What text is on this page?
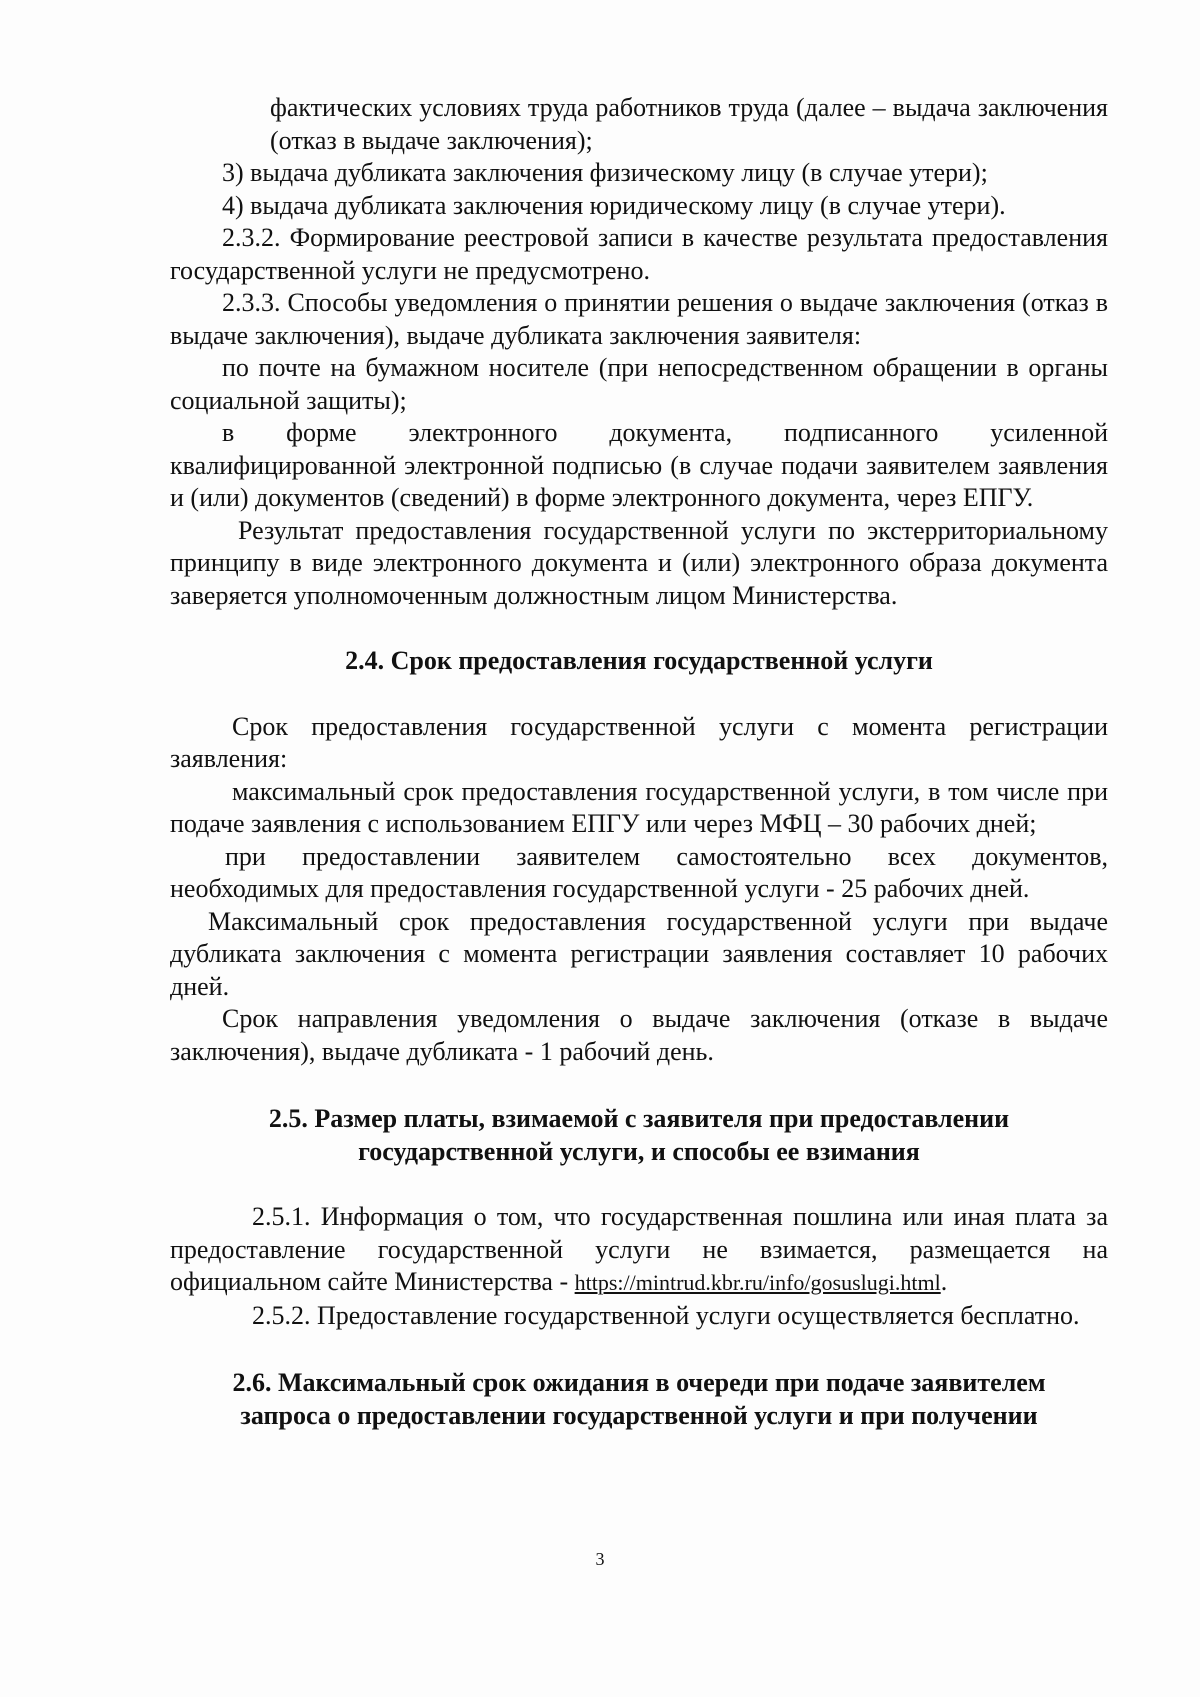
фактических условиях труда работников труда (далее – выдача заключения (отказ в выдаче заключения);

3) выдача дубликата заключения физическому лицу (в случае утери);

4) выдача дубликата заключения юридическому лицу (в случае утери).

2.3.2. Формирование реестровой записи в качестве результата предоставления государственной услуги не предусмотрено.

2.3.3. Способы уведомления о принятии решения о выдаче заключения (отказ в выдаче заключения), выдаче дубликата заключения заявителя:

по почте на бумажном носителе (при непосредственном обращении в органы социальной защиты);

в форме электронного документа, подписанного усиленной квалифицированной электронной подписью (в случае подачи заявителем заявления и (или) документов (сведений) в форме электронного документа, через ЕПГУ.

Результат предоставления государственной услуги по экстерриториальному принципу в виде электронного документа и (или) электронного образа документа заверяется уполномоченным должностным лицом Министерства.

2.4. Срок предоставления государственной услуги

Срок предоставления государственной услуги с момента регистрации заявления:

максимальный срок предоставления государственной услуги, в том числе при подаче заявления с использованием ЕПГУ или через МФЦ – 30 рабочих дней;

при предоставлении заявителем самостоятельно всех документов, необходимых для предоставления государственной услуги - 25 рабочих дней.

Максимальный срок предоставления государственной услуги при выдаче дубликата заключения с момента регистрации заявления составляет 10 рабочих дней.

Срок направления уведомления о выдаче заключения (отказе в выдаче заключения), выдаче дубликата - 1 рабочий день.

2.5. Размер платы, взимаемой с заявителя при предоставлении
государственной услуги, и способы ее взимания

2.5.1. Информация о том, что государственная пошлина или иная плата за предоставление государственной услуги не взимается, размещается на официальном сайте Министерства - https://mintrud.kbr.ru/info/gosuslugi.html.

2.5.2. Предоставление государственной услуги осуществляется бесплатно.

2.6. Максимальный срок ожидания в очереди при подаче заявителем
запроса о предоставлении государственной услуги и при получении
3
